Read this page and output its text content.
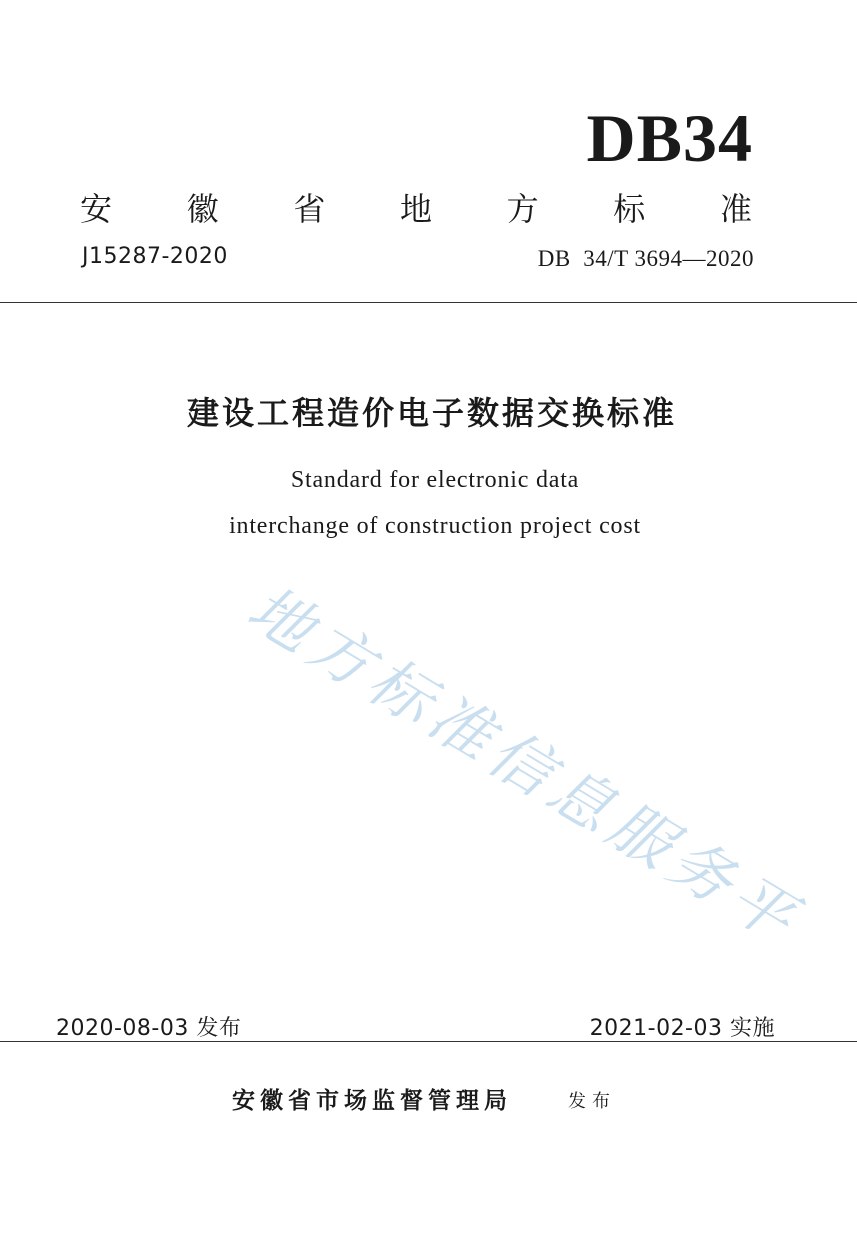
DB34
安 徽 省 地 方 标 准
J15287-2020	DB  34/T 3694—2020
建设工程造价电子数据交换标准
Standard for electronic data
interchange of construction project cost
地方标准信息服务平
2020-08-03 发布	2021-02-03 实施
安徽省市场监督管理局	发布
